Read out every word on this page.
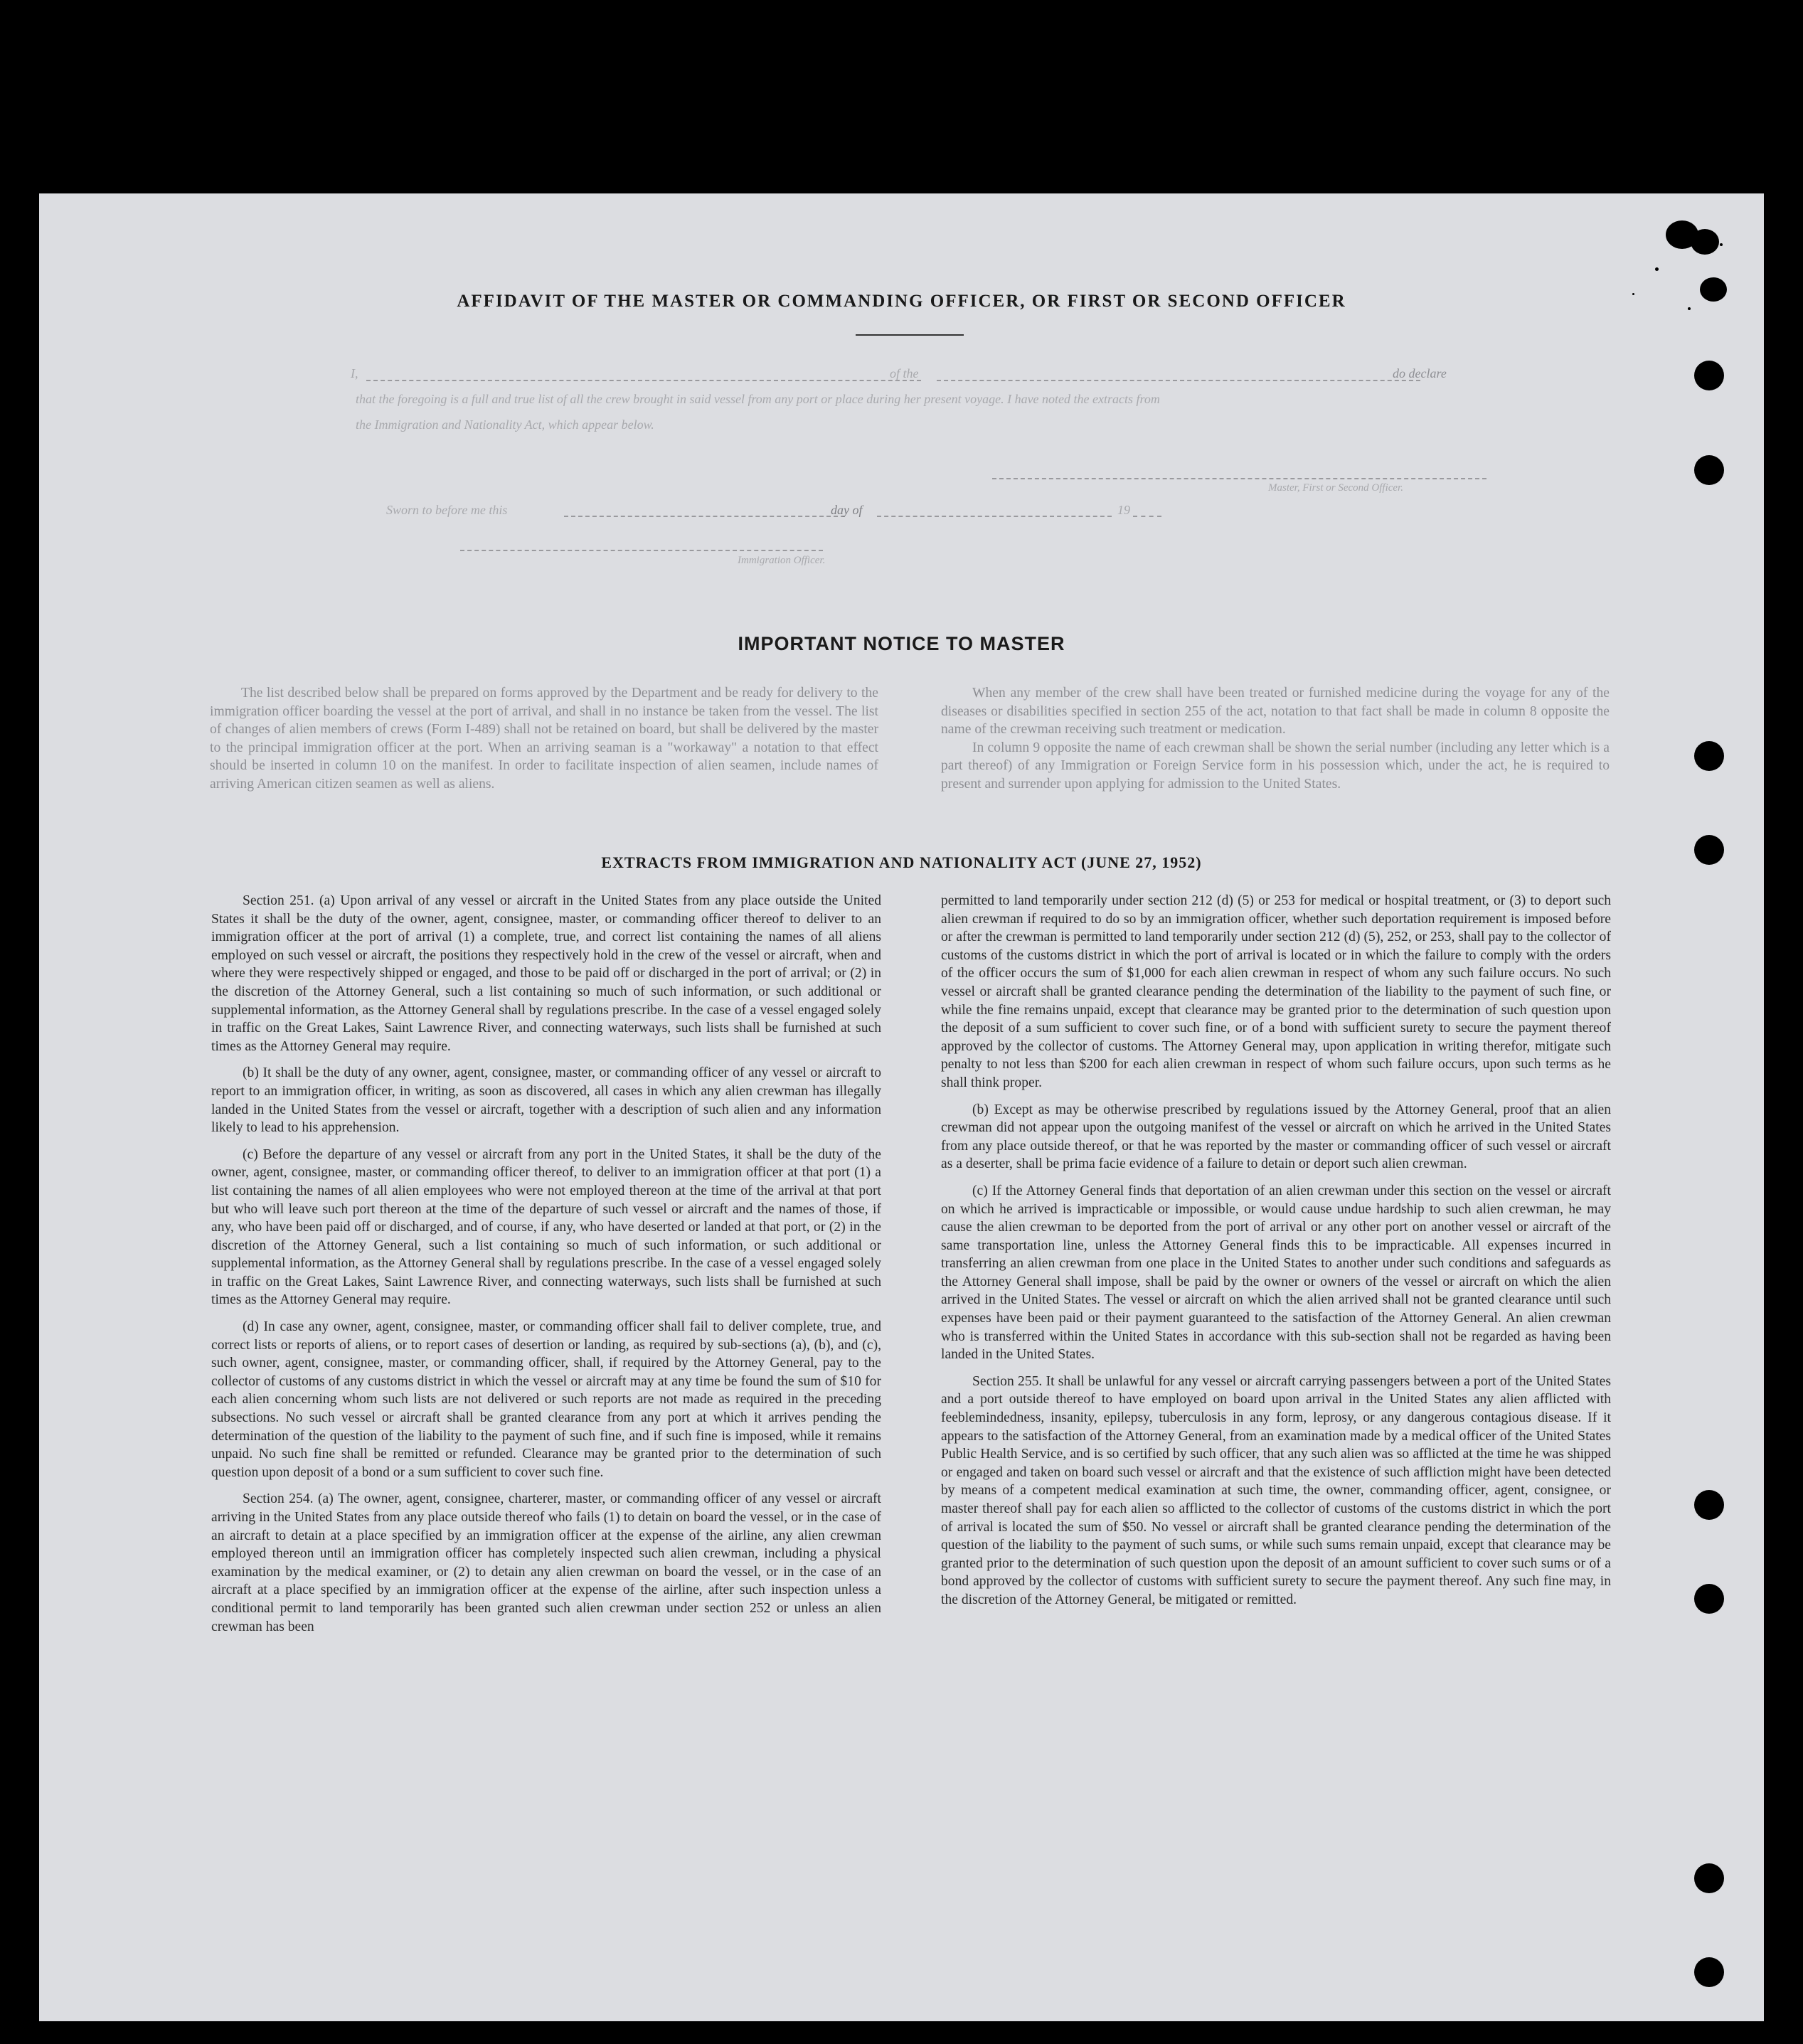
AFFIDAVIT OF THE MASTER OR COMMANDING OFFICER, OR FIRST OR SECOND OFFICER
I,	of the	do declare
that the foregoing is a full and true list of all the crew brought in said vessel from any port or place during her present voyage. I have noted the extracts from
the Immigration and Nationality Act, which appear below.
Master, First or Second Officer.
Sworn to before me this	day of	19
Immigration Officer.
IMPORTANT NOTICE TO MASTER

The list described below shall be prepared on forms approved by the Department and be ready for delivery to the immigration officer boarding the vessel at the port of arrival, and shall in no instance be taken from the vessel. The list of changes of alien members of crews (Form I-489) shall not be retained on board, but shall be delivered by the master to the principal immigration officer at the port. When an arriving seaman is a "workaway" a notation to that effect should be inserted in column 10 on the manifest. In order to facilitate inspection of alien seamen, include names of arriving American citizen seamen as well as aliens.

When any member of the crew shall have been treated or furnished medicine during the voyage for any of the diseases or disabilities specified in section 255 of the act, notation to that fact shall be made in column 8 opposite the name of the crewman receiving such treatment or medication.

In column 9 opposite the name of each crewman shall be shown the serial number (including any letter which is a part thereof) of any Immigration or Foreign Service form in his possession which, under the act, he is required to present and surrender upon applying for admission to the United States.

EXTRACTS FROM IMMIGRATION AND NATIONALITY ACT (JUNE 27, 1952)

Section 251. (a) Upon arrival of any vessel or aircraft in the United States from any place outside the United States it shall be the duty of the owner, agent, consignee, master, or commanding officer thereof to deliver to an immigration officer at the port of arrival (1) a complete, true, and correct list containing the names of all aliens employed on such vessel or aircraft, the positions they respectively hold in the crew of the vessel or aircraft, when and where they were respectively shipped or engaged, and those to be paid off or discharged in the port of arrival; or (2) in the discretion of the Attorney General, such a list containing so much of such information, or such additional or supplemental information, as the Attorney General shall by regulations prescribe. In the case of a vessel engaged solely in traffic on the Great Lakes, Saint Lawrence River, and connecting waterways, such lists shall be furnished at such times as the Attorney General may require.

(b) It shall be the duty of any owner, agent, consignee, master, or commanding officer of any vessel or aircraft to report to an immigration officer, in writing, as soon as discovered, all cases in which any alien crewman has illegally landed in the United States from the vessel or aircraft, together with a description of such alien and any information likely to lead to his apprehension.

(c) Before the departure of any vessel or aircraft from any port in the United States, it shall be the duty of the owner, agent, consignee, master, or commanding officer thereof, to deliver to an immigration officer at that port (1) a list containing the names of all alien employees who were not employed thereon at the time of the arrival at that port but who will leave such port thereon at the time of the departure of such vessel or aircraft and the names of those, if any, who have been paid off or discharged, and of course, if any, who have deserted or landed at that port, or (2) in the discretion of the Attorney General, such a list containing so much of such information, or such additional or supplemental information, as the Attorney General shall by regulations prescribe. In the case of a vessel engaged solely in traffic on the Great Lakes, Saint Lawrence River, and connecting waterways, such lists shall be furnished at such times as the Attorney General may require.

(d) In case any owner, agent, consignee, master, or commanding officer shall fail to deliver complete, true, and correct lists or reports of aliens, or to report cases of desertion or landing, as required by sub-sections (a), (b), and (c), such owner, agent, consignee, master, or commanding officer, shall, if required by the Attorney General, pay to the collector of customs of any customs district in which the vessel or aircraft may at any time be found the sum of $10 for each alien concerning whom such lists are not delivered or such reports are not made as required in the preceding subsections. No such vessel or aircraft shall be granted clearance from any port at which it arrives pending the determination of the question of the liability to the payment of such fine, and if such fine is imposed, while it remains unpaid. No such fine shall be remitted or refunded. Clearance may be granted prior to the determination of such question upon deposit of a bond or a sum sufficient to cover such fine.

Section 254. (a) The owner, agent, consignee, charterer, master, or commanding officer of any vessel or aircraft arriving in the United States from any place outside thereof who fails (1) to detain on board the vessel, or in the case of an aircraft to detain at a place specified by an immigration officer at the expense of the airline, any alien crewman employed thereon until an immigration officer has completely inspected such alien crewman, including a physical examination by the medical examiner, or (2) to detain any alien crewman on board the vessel, or in the case of an aircraft at a place specified by an immigration officer at the expense of the airline, after such inspection unless a conditional permit to land temporarily has been granted such alien crewman under section 252 or unless an alien crewman has been

permitted to land temporarily under section 212 (d) (5) or 253 for medical or hospital treatment, or (3) to deport such alien crewman if required to do so by an immigration officer, whether such deportation requirement is imposed before or after the crewman is permitted to land temporarily under section 212 (d) (5), 252, or 253, shall pay to the collector of customs of the customs district in which the port of arrival is located or in which the failure to comply with the orders of the officer occurs the sum of $1,000 for each alien crewman in respect of whom any such failure occurs. No such vessel or aircraft shall be granted clearance pending the determination of the liability to the payment of such fine, or while the fine remains unpaid, except that clearance may be granted prior to the determination of such question upon the deposit of a sum sufficient to cover such fine, or of a bond with sufficient surety to secure the payment thereof approved by the collector of customs. The Attorney General may, upon application in writing therefor, mitigate such penalty to not less than $200 for each alien crewman in respect of whom such failure occurs, upon such terms as he shall think proper.

(b) Except as may be otherwise prescribed by regulations issued by the Attorney General, proof that an alien crewman did not appear upon the outgoing manifest of the vessel or aircraft on which he arrived in the United States from any place outside thereof, or that he was reported by the master or commanding officer of such vessel or aircraft as a deserter, shall be prima facie evidence of a failure to detain or deport such alien crewman.

(c) If the Attorney General finds that deportation of an alien crewman under this section on the vessel or aircraft on which he arrived is impracticable or impossible, or would cause undue hardship to such alien crewman, he may cause the alien crewman to be deported from the port of arrival or any other port on another vessel or aircraft of the same transportation line, unless the Attorney General finds this to be impracticable. All expenses incurred in transferring an alien crewman from one place in the United States to another under such conditions and safeguards as the Attorney General shall impose, shall be paid by the owner or owners of the vessel or aircraft on which the alien arrived in the United States. The vessel or aircraft on which the alien arrived shall not be granted clearance until such expenses have been paid or their payment guaranteed to the satisfaction of the Attorney General. An alien crewman who is transferred within the United States in accordance with this sub-section shall not be regarded as having been landed in the United States.

Section 255. It shall be unlawful for any vessel or aircraft carrying passengers between a port of the United States and a port outside thereof to have employed on board upon arrival in the United States any alien afflicted with feeblemindedness, insanity, epilepsy, tuberculosis in any form, leprosy, or any dangerous contagious disease. If it appears to the satisfaction of the Attorney General, from an examination made by a medical officer of the United States Public Health Service, and is so certified by such officer, that any such alien was so afflicted at the time he was shipped or engaged and taken on board such vessel or aircraft and that the existence of such affliction might have been detected by means of a competent medical examination at such time, the owner, commanding officer, agent, consignee, or master thereof shall pay for each alien so afflicted to the collector of customs of the customs district in which the port of arrival is located the sum of $50. No vessel or aircraft shall be granted clearance pending the determination of the question of the liability to the payment of such sums, or while such sums remain unpaid, except that clearance may be granted prior to the determination of such question upon the deposit of an amount sufficient to cover such sums or of a bond approved by the collector of customs with sufficient surety to secure the payment thereof. Any such fine may, in the discretion of the Attorney General, be mitigated or remitted.
